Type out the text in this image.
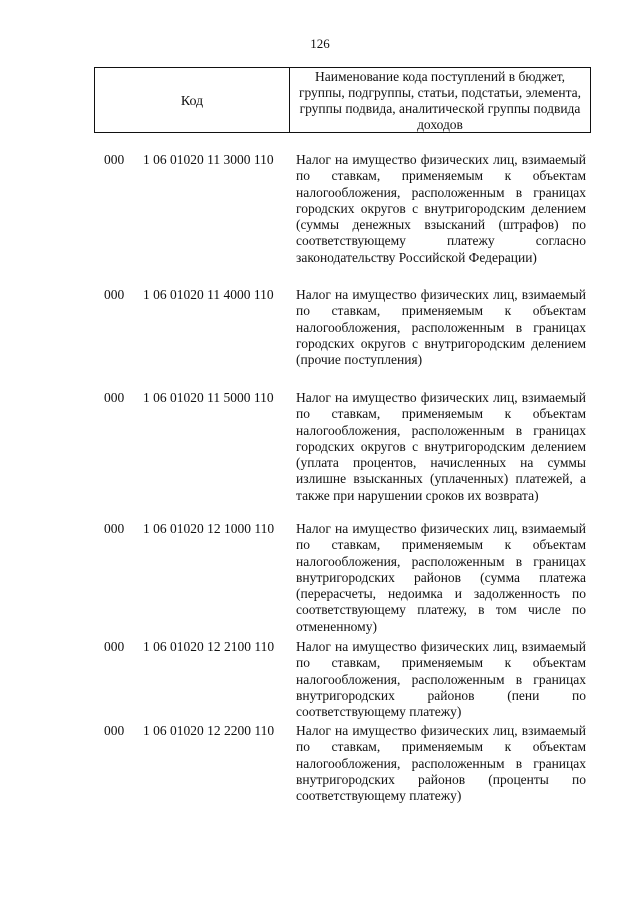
126
Код
Наименование кода поступлений в бюджет, группы, подгруппы, статьи, подстатьи, элемента, группы подвида, аналитической группы подвида доходов
000 1 06 01020 11 3000 110 Налог на имущество физических лиц, взимаемый по ставкам, применяемым к объектам налогообложения, расположенным в границах городских округов с внутригородским делением (суммы денежных взысканий (штрафов) по соответствующему платежу согласно законодательству Российской Федерации)
000 1 06 01020 11 4000 110 Налог на имущество физических лиц, взимаемый по ставкам, применяемым к объектам налогообложения, расположенным в границах городских округов с внутригородским делением (прочие поступления)
000 1 06 01020 11 5000 110 Налог на имущество физических лиц, взимаемый по ставкам, применяемым к объектам налогообложения, расположенным в границах городских округов с внутригородским делением (уплата процентов, начисленных на суммы излишне взысканных (уплаченных) платежей, а также при нарушении сроков их возврата)
000 1 06 01020 12 1000 110 Налог на имущество физических лиц, взимаемый по ставкам, применяемым к объектам налогообложения, расположенным в границах внутригородских районов (сумма платежа (перерасчеты, недоимка и задолженность по соответствующему платежу, в том числе по отмененному)
000 1 06 01020 12 2100 110 Налог на имущество физических лиц, взимаемый по ставкам, применяемым к объектам налогообложения, расположенным в границах внутригородских районов (пени по соответствующему платежу)
000 1 06 01020 12 2200 110 Налог на имущество физических лиц, взимаемый по ставкам, применяемым к объектам налогообложения, расположенным в границах внутригородских районов (проценты по соответствующему платежу)
